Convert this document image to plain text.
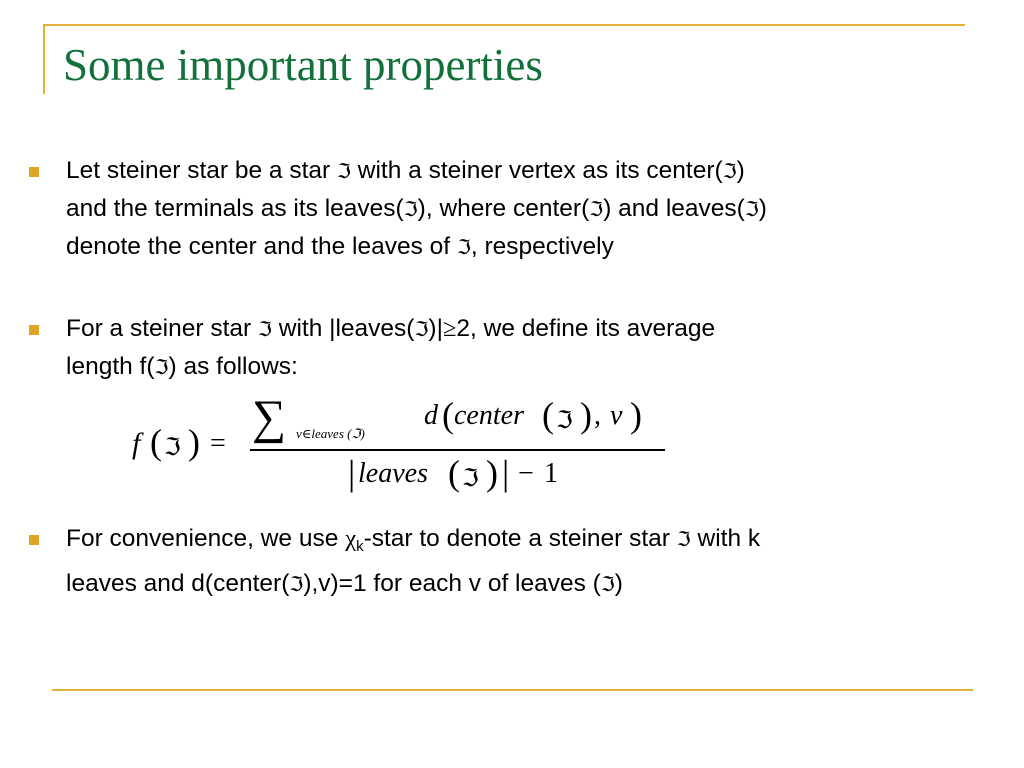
Some important properties

Let steiner star be a star ℑ with a steiner vertex as its center(ℑ) and the terminals as its leaves(ℑ), where center(ℑ) and leaves(ℑ) denote the center and the leaves of ℑ, respectively

For a steiner star ℑ with |leaves(ℑ)|≥2, we define its average length f(ℑ) as follows:

f ( ℑ ) = ∑ v∈leaves (ℑ)
d ( center ( ℑ ) , v )
| leaves ( ℑ ) | − 1

For convenience, we use $\chi_k$-star to denote a steiner star ℑ with k leaves and d(center(ℑ),v)=1 for each v of leaves (ℑ)
